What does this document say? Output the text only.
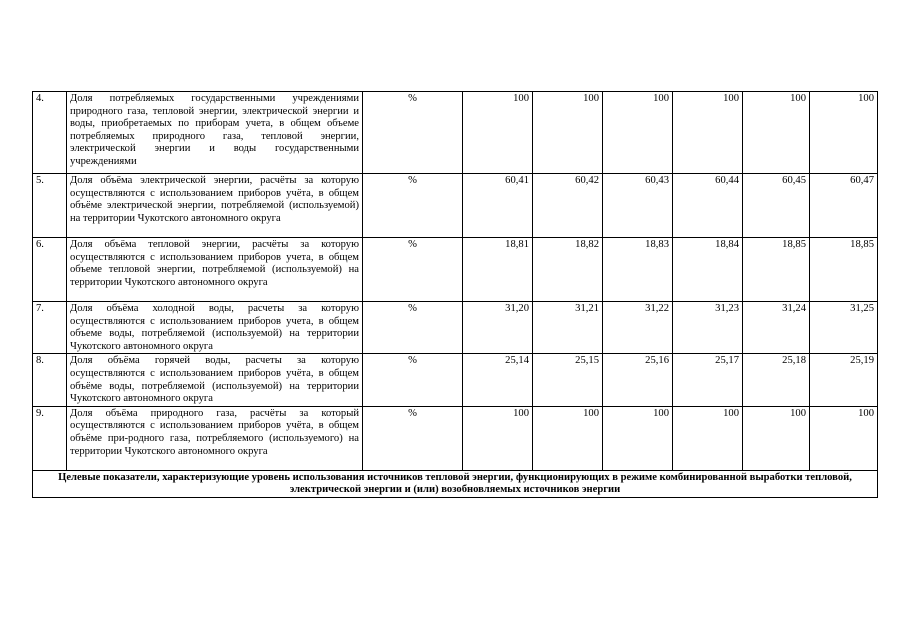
4.	Доля потребляемых государственными учреждениями природного газа, тепловой энергии, электрической энергии и воды, приобретаемых по приборам учета, в общем объеме потребляемых природного газа, тепловой энергии, электрической энергии и воды государственными учреждениями	%	100	100	100	100	100	100
5.	Доля объёма электрической энергии, расчёты за которую осуществляются с использованием приборов учёта, в общем объёме электрической энергии, потребляемой (используемой) на территории Чукотского автономного округа	%	60,41	60,42	60,43	60,44	60,45	60,47
6.	Доля объёма тепловой энергии, расчёты за которую осуществляются с использованием приборов учета, в общем объеме тепловой энергии, потребляемой (используемой) на территории Чукотского автономного округа	%	18,81	18,82	18,83	18,84	18,85	18,85
7.	Доля объёма холодной воды, расчеты за которую осуществляются с использованием приборов учета, в общем объеме воды, потребляемой (используемой) на территории Чукотского автономного округа	%	31,20	31,21	31,22	31,23	31,24	31,25
8.	Доля объёма горячей воды, расчеты за которую осуществляются с использованием приборов учёта, в общем объёме воды, потребляемой (используемой) на территории Чукотского автономного округа	%	25,14	25,15	25,16	25,17	25,18	25,19
9.	Доля объёма природного газа, расчёты за который осуществляются с использованием приборов учёта, в общем объёме при-родного газа, потребляемого (используемого) на территории Чукотского автономного округа	%	100	100	100	100	100	100
Целевые показатели, характеризующие уровень использования источников тепловой энергии, функционирующих в режиме комбинированной выработки тепловой, электрической энергии и (или) возобновляемых источников энергии								
